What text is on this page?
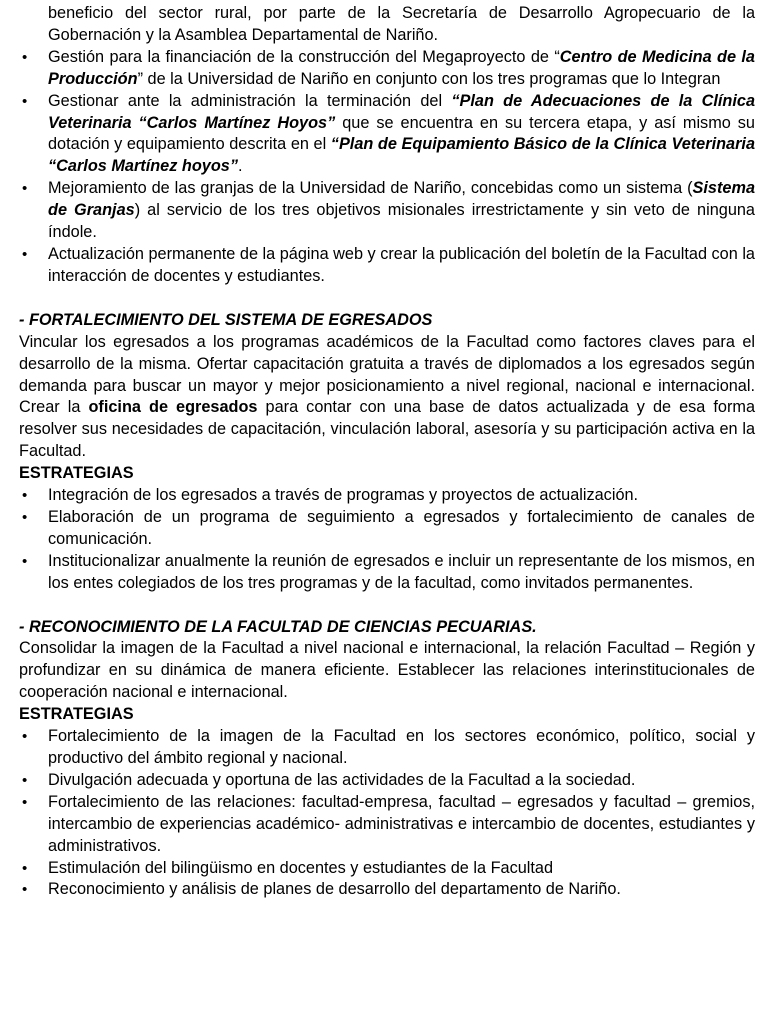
beneficio del sector rural, por parte de la Secretaría de Desarrollo Agropecuario de la Gobernación y la Asamblea Departamental de Nariño.
• Gestión para la financiación de la construcción del Megaproyecto de “Centro de Medicina de la Producción” de la Universidad de Nariño en conjunto con los tres programas que lo Integran
• Gestionar ante la administración la terminación del “Plan de Adecuaciones de la Clínica Veterinaria “Carlos Martínez Hoyos” que se encuentra en su tercera etapa, y así mismo su dotación y equipamiento descrita en el “Plan de Equipamiento Básico de la Clínica Veterinaria “Carlos Martínez hoyos”.
• Mejoramiento de las granjas de la Universidad de Nariño, concebidas como un sistema (Sistema de Granjas) al servicio de los tres objetivos misionales irrestrictamente y sin veto de ninguna índole.
• Actualización permanente de la página web y crear la publicación del boletín de la Facultad con la interacción de docentes y estudiantes.
- FORTALECIMIENTO DEL SISTEMA DE EGRESADOS
Vincular los egresados a los programas académicos de la Facultad como factores claves para el desarrollo de la misma. Ofertar capacitación gratuita a través de diplomados a los egresados según demanda para buscar un mayor y mejor posicionamiento a nivel regional, nacional e internacional. Crear la oficina de egresados para contar con una base de datos actualizada y de esa forma resolver sus necesidades de capacitación, vinculación laboral, asesoría y su participación activa en la Facultad.
ESTRATEGIAS
• Integración de los egresados a través de programas y proyectos de actualización.
• Elaboración de un programa de seguimiento a egresados y fortalecimiento de canales de comunicación.
• Institucionalizar anualmente la reunión de egresados e incluir un representante de los mismos, en los entes colegiados de los tres programas y de la facultad, como invitados permanentes.
- RECONOCIMIENTO DE LA FACULTAD DE CIENCIAS PECUARIAS.
Consolidar la imagen de la Facultad a nivel nacional e internacional, la relación Facultad – Región y profundizar en su dinámica de manera eficiente. Establecer las relaciones interinstitucionales de cooperación nacional e internacional.
ESTRATEGIAS
• Fortalecimiento de la imagen de la Facultad en los sectores económico, político, social y productivo del ámbito regional y nacional.
• Divulgación adecuada y oportuna de las actividades de la Facultad a la sociedad.
• Fortalecimiento de las relaciones: facultad-empresa, facultad – egresados y facultad – gremios, intercambio de experiencias académico- administrativas e intercambio de docentes, estudiantes y administrativos.
• Estimulación del bilingüismo en docentes y estudiantes de la Facultad
• Reconocimiento y análisis de planes de desarrollo del departamento de Nariño.
